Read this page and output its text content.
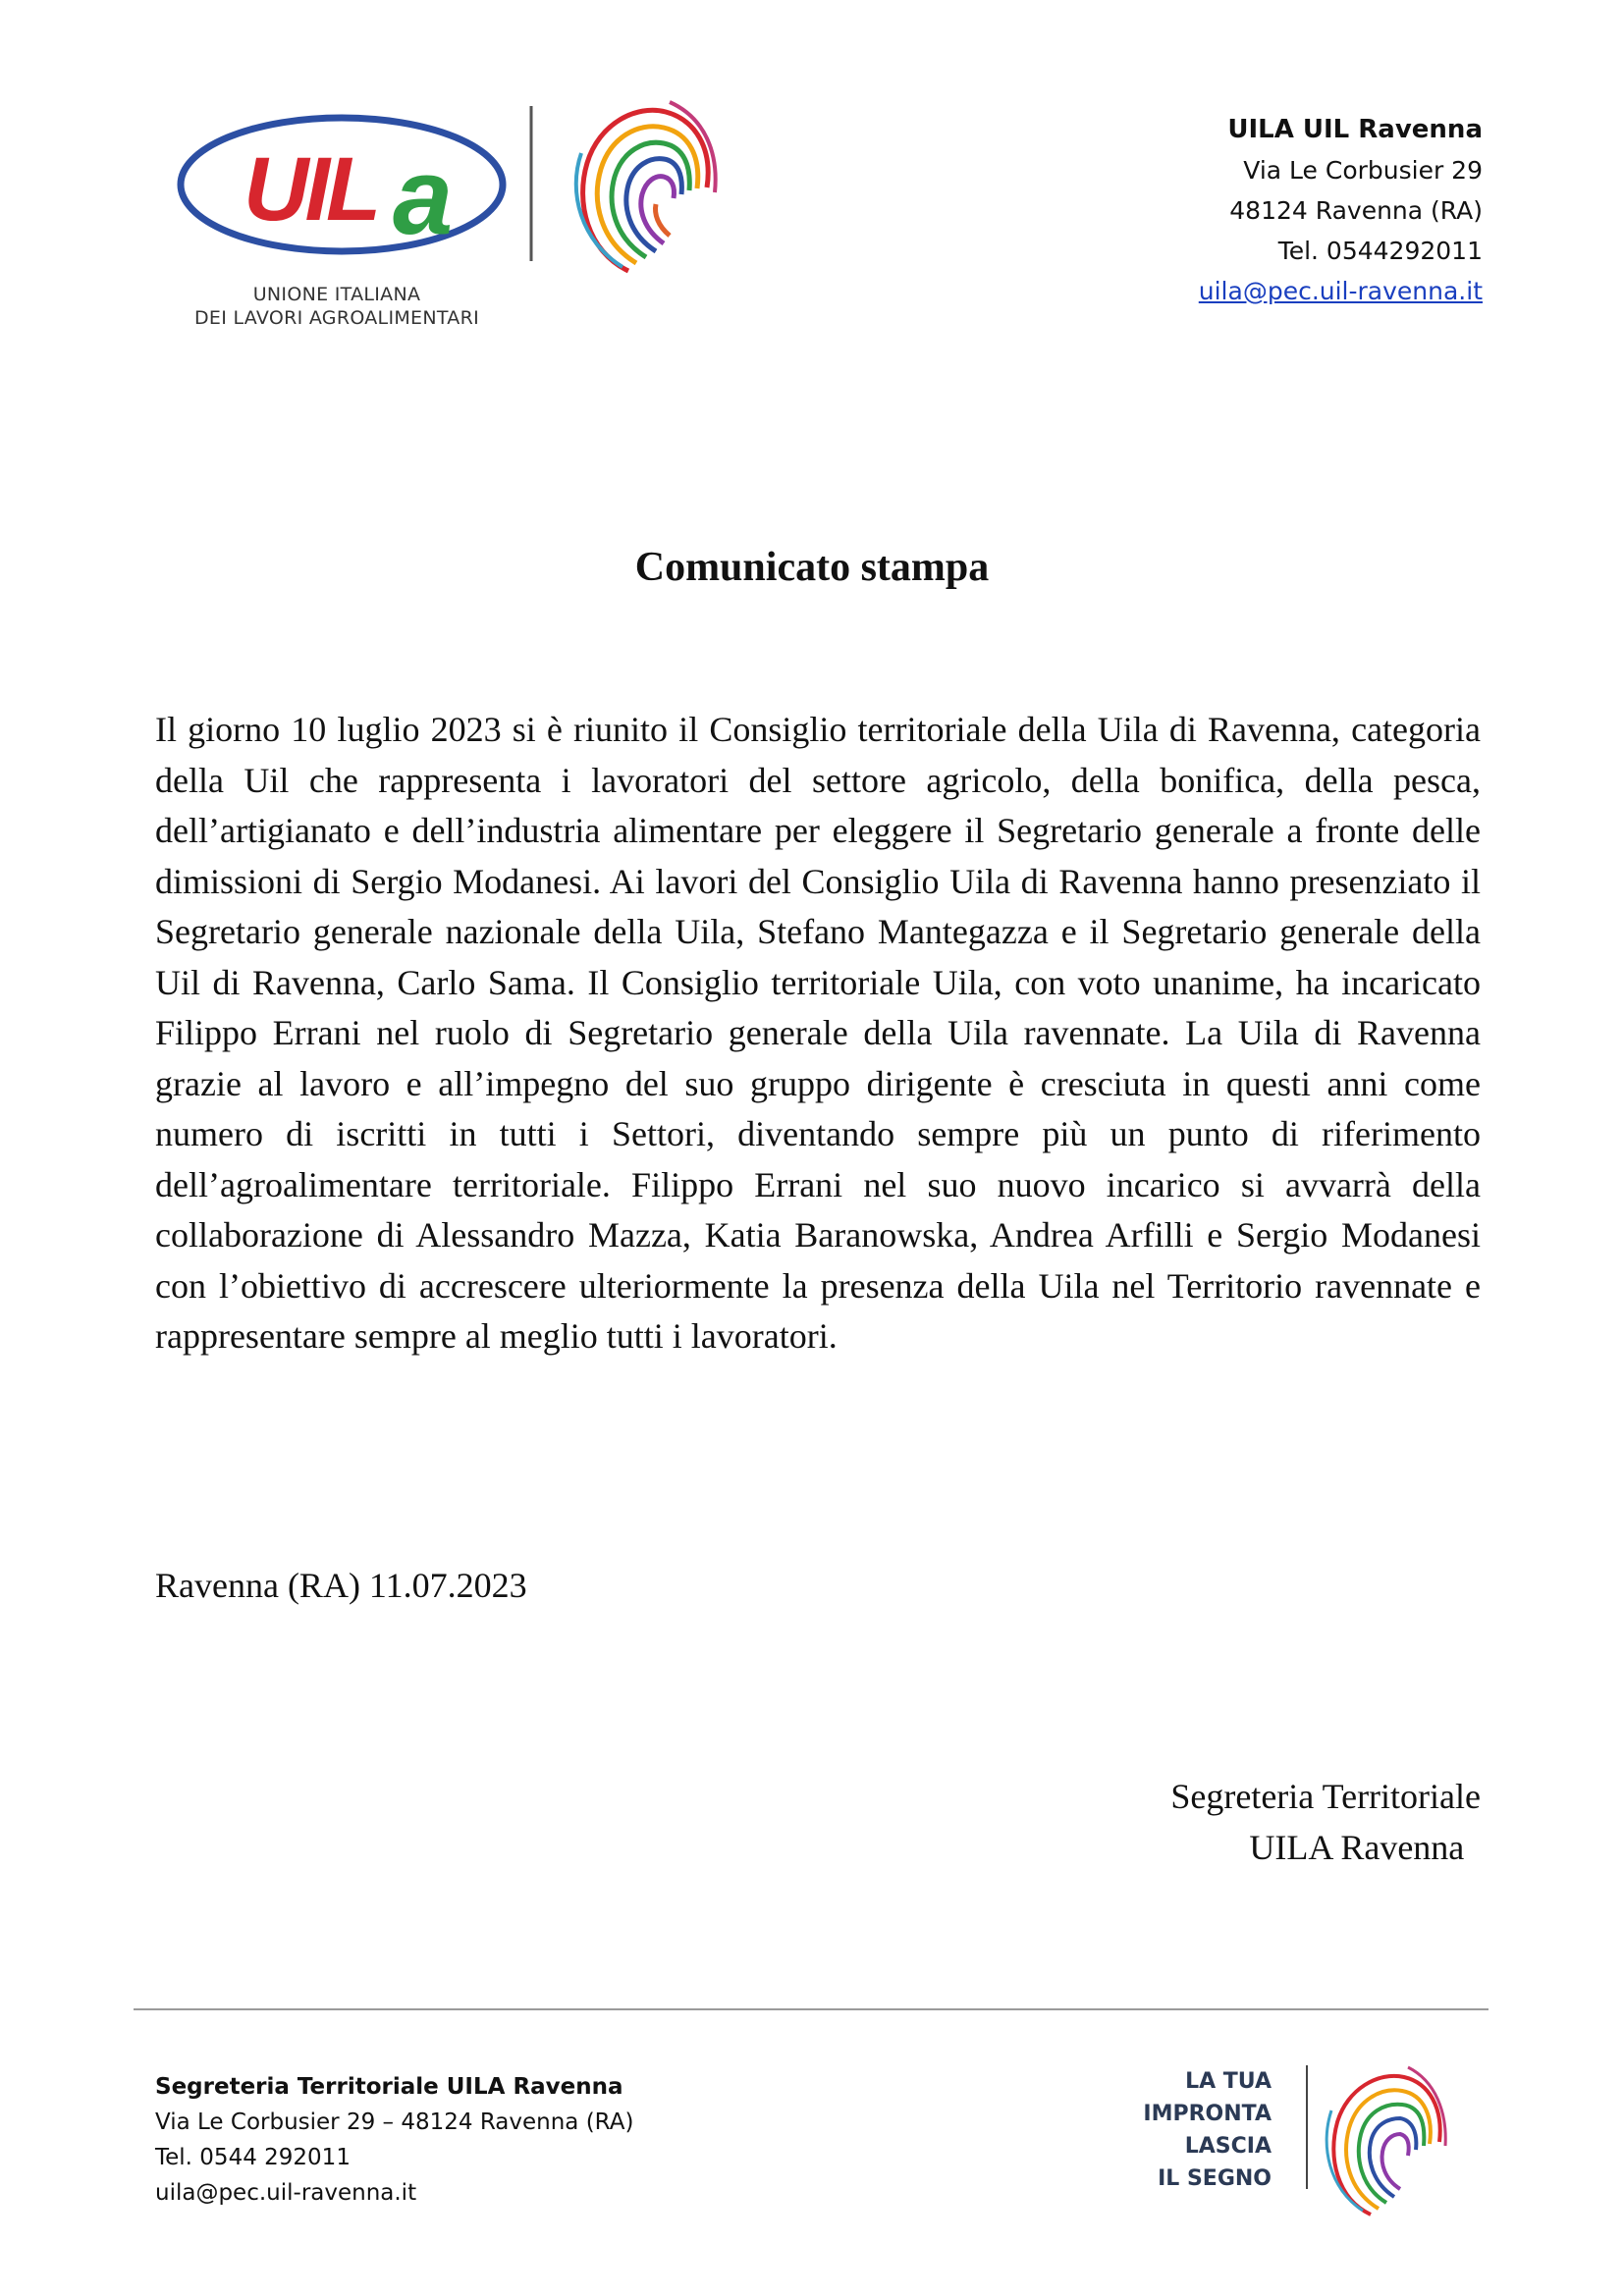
UIL a
UNIONE ITALIANA
DEI LAVORI AGROALIMENTARI
UILA UIL Ravenna
Via Le Corbusier 29
48124 Ravenna (RA)
Tel. 0544292011
uila@pec.uil-ravenna.it
Comunicato stampa

Il giorno 10 luglio 2023 si è riunito il Consiglio territoriale della Uila di Ravenna, categoria della Uil che rappresenta i lavoratori del settore agricolo, della bonifica, della pesca, dell’artigianato e dell’industria alimentare per eleggere il Segretario generale a fronte delle dimissioni di Sergio Modanesi. Ai lavori del Consiglio Uila di Ravenna hanno presenziato il Segretario generale nazionale della Uila, Stefano Mantegazza e il Segretario generale della Uil di Ravenna, Carlo Sama. Il Consiglio territoriale Uila, con voto unanime, ha incaricato Filippo Errani nel ruolo di Segretario generale della Uila ravennate. La Uila di Ravenna grazie al lavoro e all’impegno del suo gruppo dirigente è cresciuta in questi anni come numero di iscritti in tutti i Settori, diventando sempre più un punto di riferimento dell’agroalimentare territoriale. Filippo Errani nel suo nuovo incarico si avvarrà della collaborazione di Alessandro Mazza, Katia Baranowska, Andrea Arfilli e Sergio Modanesi con l’obiettivo di accrescere ulteriormente la presenza della Uila nel Territorio ravennate e rappresentare sempre al meglio tutti i lavoratori.

Ravenna (RA) 11.07.2023
Segreteria Territoriale
UILA Ravenna
Segreteria Territoriale UILA Ravenna
Via Le Corbusier 29 – 48124 Ravenna (RA)
Tel. 0544 292011
uila@pec.uil-ravenna.it
LA TUA
IMPRONTA
LASCIA
IL SEGNO
